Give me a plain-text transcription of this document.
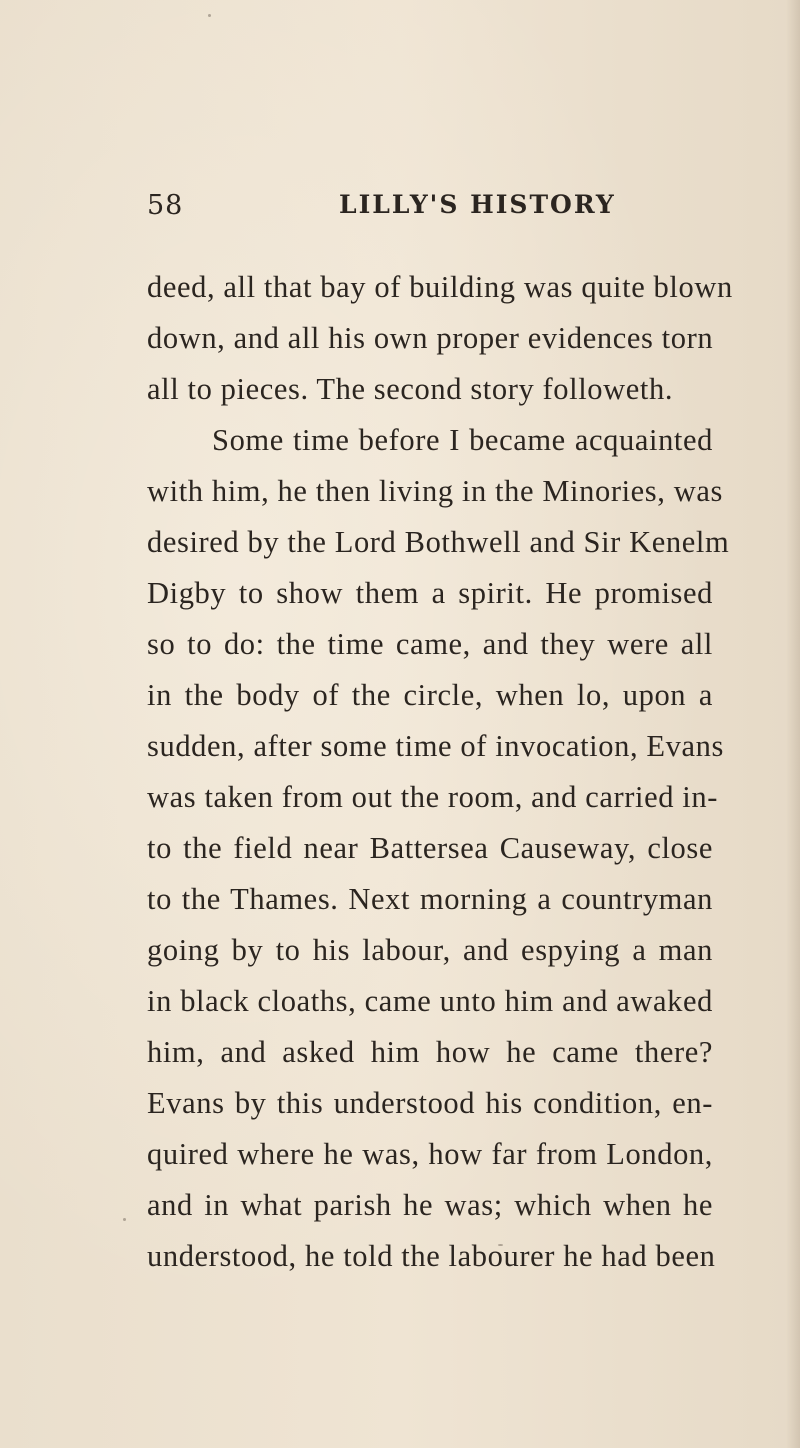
58	LILLY'S HISTORY
deed, all that bay of building was quite blown
down, and all his own proper evidences torn
all to pieces. The second story followeth.
Some time before I became acquainted
with him, he then living in the Minories, was
desired by the Lord Bothwell and Sir Kenelm
Digby to show them a spirit. He promised
so to do: the time came, and they were all
in the body of the circle, when lo, upon a
sudden, after some time of invocation, Evans
was taken from out the room, and carried in-
to the field near Battersea Causeway, close
to the Thames. Next morning a countryman
going by to his labour, and espying a man
in black cloaths, came unto him and awaked
him, and asked him how he came there?
Evans by this understood his condition, en-
quired where he was, how far from London,
and in what parish he was; which when he
understood, he told the labourer he had been
